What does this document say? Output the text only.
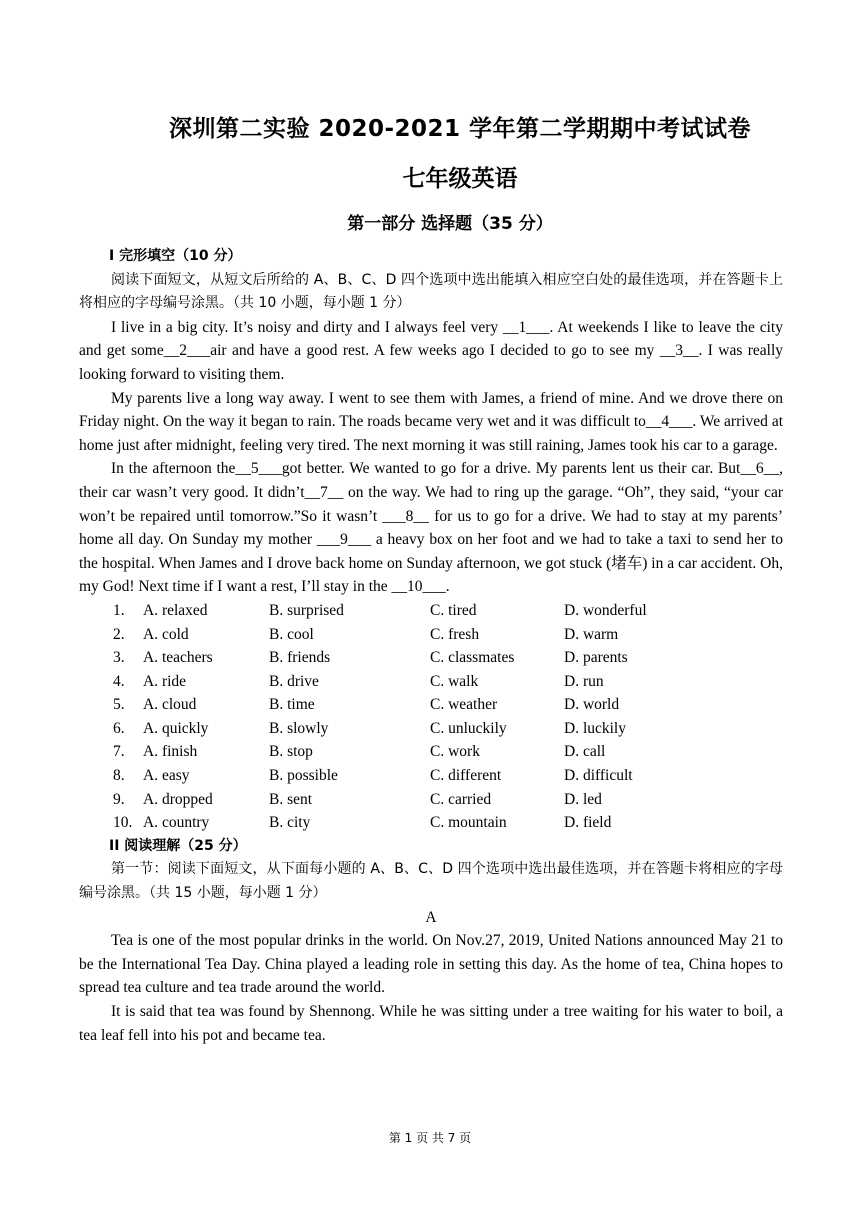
深圳第二实验 2020-2021 学年第二学期期中考试试卷
七年级英语
第一部分 选择题（35 分）
I 完形填空（10 分）

阅读下面短文，从短文后所给的 A、B、C、D 四个选项中选出能填入相应空白处的最佳选项，并在答题卡上将相应的字母编号涂黑。（共 10 小题，每小题 1 分）

I live in a big city. It’s noisy and dirty and I always feel very __1___. At weekends I like to leave the city and get some__2___air and have a good rest. A few weeks ago I decided to go to see my __3__. I was really looking forward to visiting them.

My parents live a long way away. I went to see them with James, a friend of mine. And we drove there on Friday night. On the way it began to rain. The roads became very wet and it was difficult to__4___. We arrived at home just after midnight, feeling very tired. The next morning it was still raining, James took his car to a garage.

In the afternoon the__5___got better. We wanted to go for a drive. My parents lent us their car. But__6__, their car wasn’t very good. It didn’t__7__ on the way. We had to ring up the garage. “Oh”, they said, “your car won’t be repaired until tomorrow.”So it wasn’t ___8__ for us to go for a drive. We had to stay at my parents’ home all day. On Sunday my mother ___9___ a heavy box on her foot and we had to take a taxi to send her to the hospital. When James and I drove back home on Sunday afternoon, we got stuck (堵车) in a car accident. Oh, my God! Next time if I want a rest, I’ll stay in the __10___.

1.	A. relaxed	B. surprised	C. tired	D. wonderful
2.	A. cold	B. cool	C. fresh	D. warm
3.	A. teachers	B. friends	C. classmates	D. parents
4.	A. ride	B. drive	C. walk	D. run
5.	A. cloud	B. time	C. weather	D. world
6.	A. quickly	B. slowly	C. unluckily	D. luckily
7.	A. finish	B. stop	C. work	D. call
8.	A. easy	B. possible	C. different	D. difficult
9.	A. dropped	B. sent	C. carried	D. led
10. A. country	B. city	C. mountain	D. field
II 阅读理解（25 分）

第一节：阅读下面短文，从下面每小题的 A、B、C、D 四个选项中选出最佳选项，并在答题卡将相应的字母编号涂黑。（共 15 小题，每小题 1 分）

A

Tea is one of the most popular drinks in the world. On Nov.27, 2019, United Nations announced May 21 to be the International Tea Day. China played a leading role in setting this day. As the home of tea, China hopes to spread tea culture and tea trade around the world.

It is said that tea was found by Shennong. While he was sitting under a tree waiting for his water to boil, a tea leaf fell into his pot and became tea.

第 1 页 共 7 页
